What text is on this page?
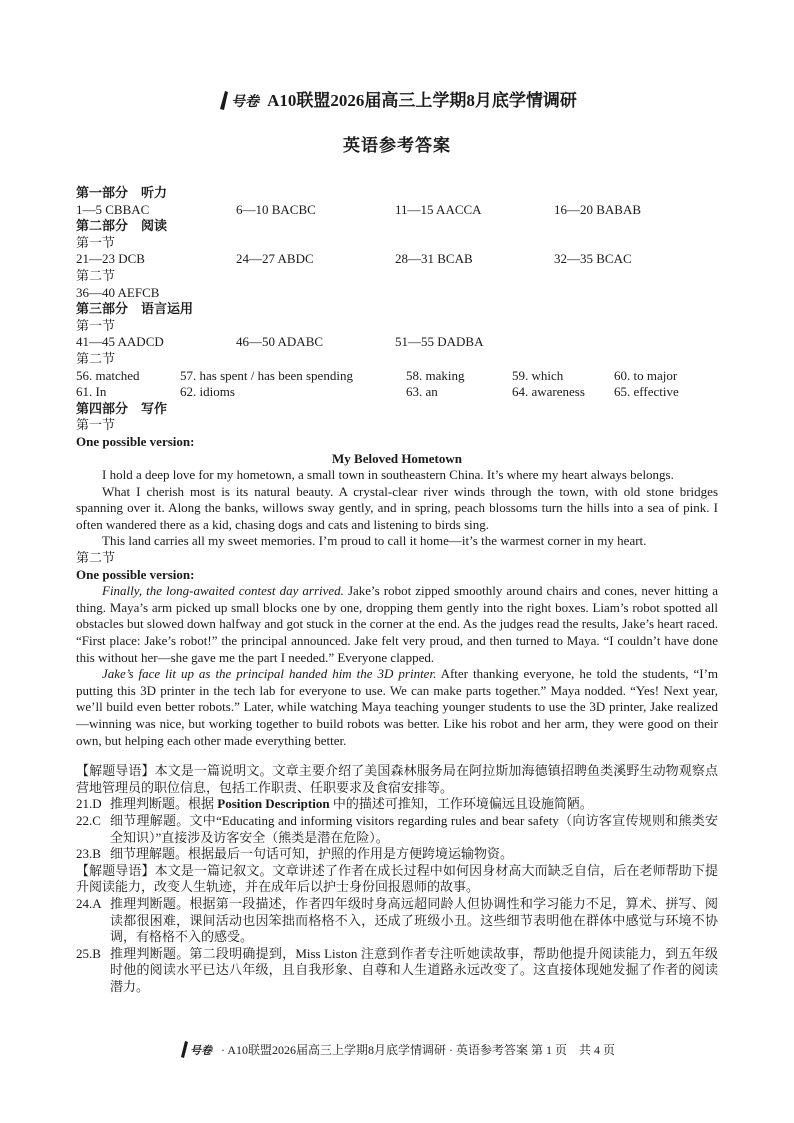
号卷 A10联盟2026届高三上学期8月底学情调研
英语参考答案
第一部分　听力
1—5 CBBAC	6—10 BACBC	11—15 AACCA	16—20 BABAB
第二部分　阅读
第一节
21—23 DCB	24—27 ABDC	28—31 BCAB	32—35 BCAC
第二节
36—40 AEFCB
第三部分　语言运用
第一节
41—45 AADCD	46—50 ADABC	51—55 DADBA
第二节
56. matched	57. has spent / has been spending	58. making	59. which	60. to major
61. In	62. idioms	63. an	64. awareness 65. effective
第四部分　写作
第一节
One possible version:
My Beloved Hometown

I hold a deep love for my hometown, a small town in southeastern China. It’s where my heart always belongs.

What I cherish most is its natural beauty. A crystal-clear river winds through the town, with old stone bridges spanning over it. Along the banks, willows sway gently, and in spring, peach blossoms turn the hills into a sea of pink. I often wandered there as a kid, chasing dogs and cats and listening to birds sing.

This land carries all my sweet memories. I’m proud to call it home—it’s the warmest corner in my heart.

第二节
One possible version:

Finally, the long-awaited contest day arrived. Jake’s robot zipped smoothly around chairs and cones, never hitting a thing. Maya’s arm picked up small blocks one by one, dropping them gently into the right boxes. Liam’s robot spotted all obstacles but slowed down halfway and got stuck in the corner at the end. As the judges read the results, Jake’s heart raced. “First place: Jake’s robot!” the principal announced. Jake felt very proud, and then turned to Maya. “I couldn’t have done this without her—she gave me the part I needed.” Everyone clapped.

Jake’s face lit up as the principal handed him the 3D printer. After thanking everyone, he told the students, “I’m putting this 3D printer in the tech lab for everyone to use. We can make parts together.” Maya nodded. “Yes! Next year, we’ll build even better robots.” Later, while watching Maya teaching younger students to use the 3D printer, Jake realized—winning was nice, but working together to build robots was better. Like his robot and her arm, they were good on their own, but helping each other made everything better.

【解题导语】本文是一篇说明文。文章主要介绍了美国森林服务局在阿拉斯加海德镇招聘鱼类溪野生动物观察点营地管理员的职位信息，包括工作职责、任职要求及食宿安排等。

21.D 推理判断题。根据 Position Description 中的描述可推知，工作环境偏远且设施简陋。
22.C 细节理解题。文中“Educating and informing visitors regarding rules and bear safety（向访客宣传规则和熊类安全知识）”直接涉及访客安全（熊类是潜在危险）。
23.B 细节理解题。根据最后一句话可知，护照的作用是方便跨境运输物资。

【解题导语】本文是一篇记叙文。文章讲述了作者在成长过程中如何因身材高大而缺乏自信，后在老师帮助下提升阅读能力，改变人生轨迹，并在成年后以护士身份回报恩师的故事。

24.A 推理判断题。根据第一段描述，作者四年级时身高远超同龄人但协调性和学习能力不足，算术、拼写、阅读都很困难，课间活动也因笨拙而格格不入，还成了班级小丑。这些细节表明他在群体中感觉与环境不协调，有格格不入的感受。
25.B 推理判断题。第二段明确提到，Miss Liston 注意到作者专注听她读故事，帮助他提升阅读能力，到五年级时他的阅读水平已达八年级，且自我形象、自尊和人生道路永远改变了。这直接体现她发掘了作者的阅读潜力。
号卷 · A10联盟2026届高三上学期8月底学情调研 · 英语参考答案 第 1 页　共 4 页
